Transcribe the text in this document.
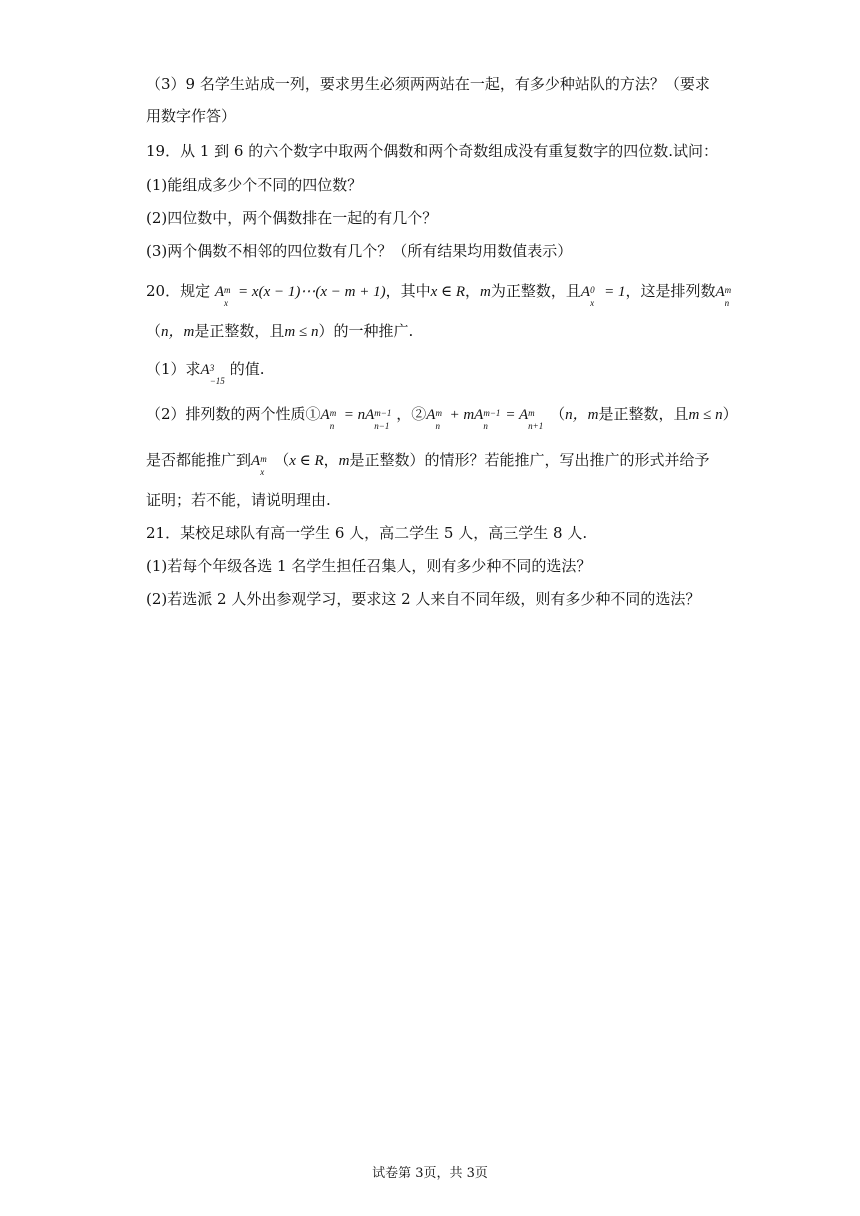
（3）9 名学生站成一列，要求男生必须两两站在一起，有多少种站队的方法？（要求
用数字作答）
19．从 1 到 6 的六个数字中取两个偶数和两个奇数组成没有重复数字的四位数.试问：
(1)能组成多少个不同的四位数？
(2)四位数中，两个偶数排在一起的有几个？
(3)两个偶数不相邻的四位数有几个？（所有结果均用数值表示）
20．规定 A m
x
= x(x − 1)⋯(x − m + 1)，其中x ∈ R，m为正整数，且A 0
x
= 1，这是排列数A m
n
（n，m是正整数，且m ≤ n）的一种推广.
（1）求A 3
−15
的值.
（2）排列数的两个性质①A m
n
= nA m−1
n−1
，②A m
n
+ mA m−1
n
= A m
n+1
（n，m是正整数，且m ≤ n）
是否都能推广到A m
x
（x ∈ R，m是正整数）的情形？若能推广，写出推广的形式并给予
证明；若不能，请说明理由.
21．某校足球队有高一学生 6 人，高二学生 5 人，高三学生 8 人.
(1)若每个年级各选 1 名学生担任召集人，则有多少种不同的选法？
(2)若选派 2 人外出参观学习，要求这 2 人来自不同年级，则有多少种不同的选法？
试卷第 3页，共 3页
